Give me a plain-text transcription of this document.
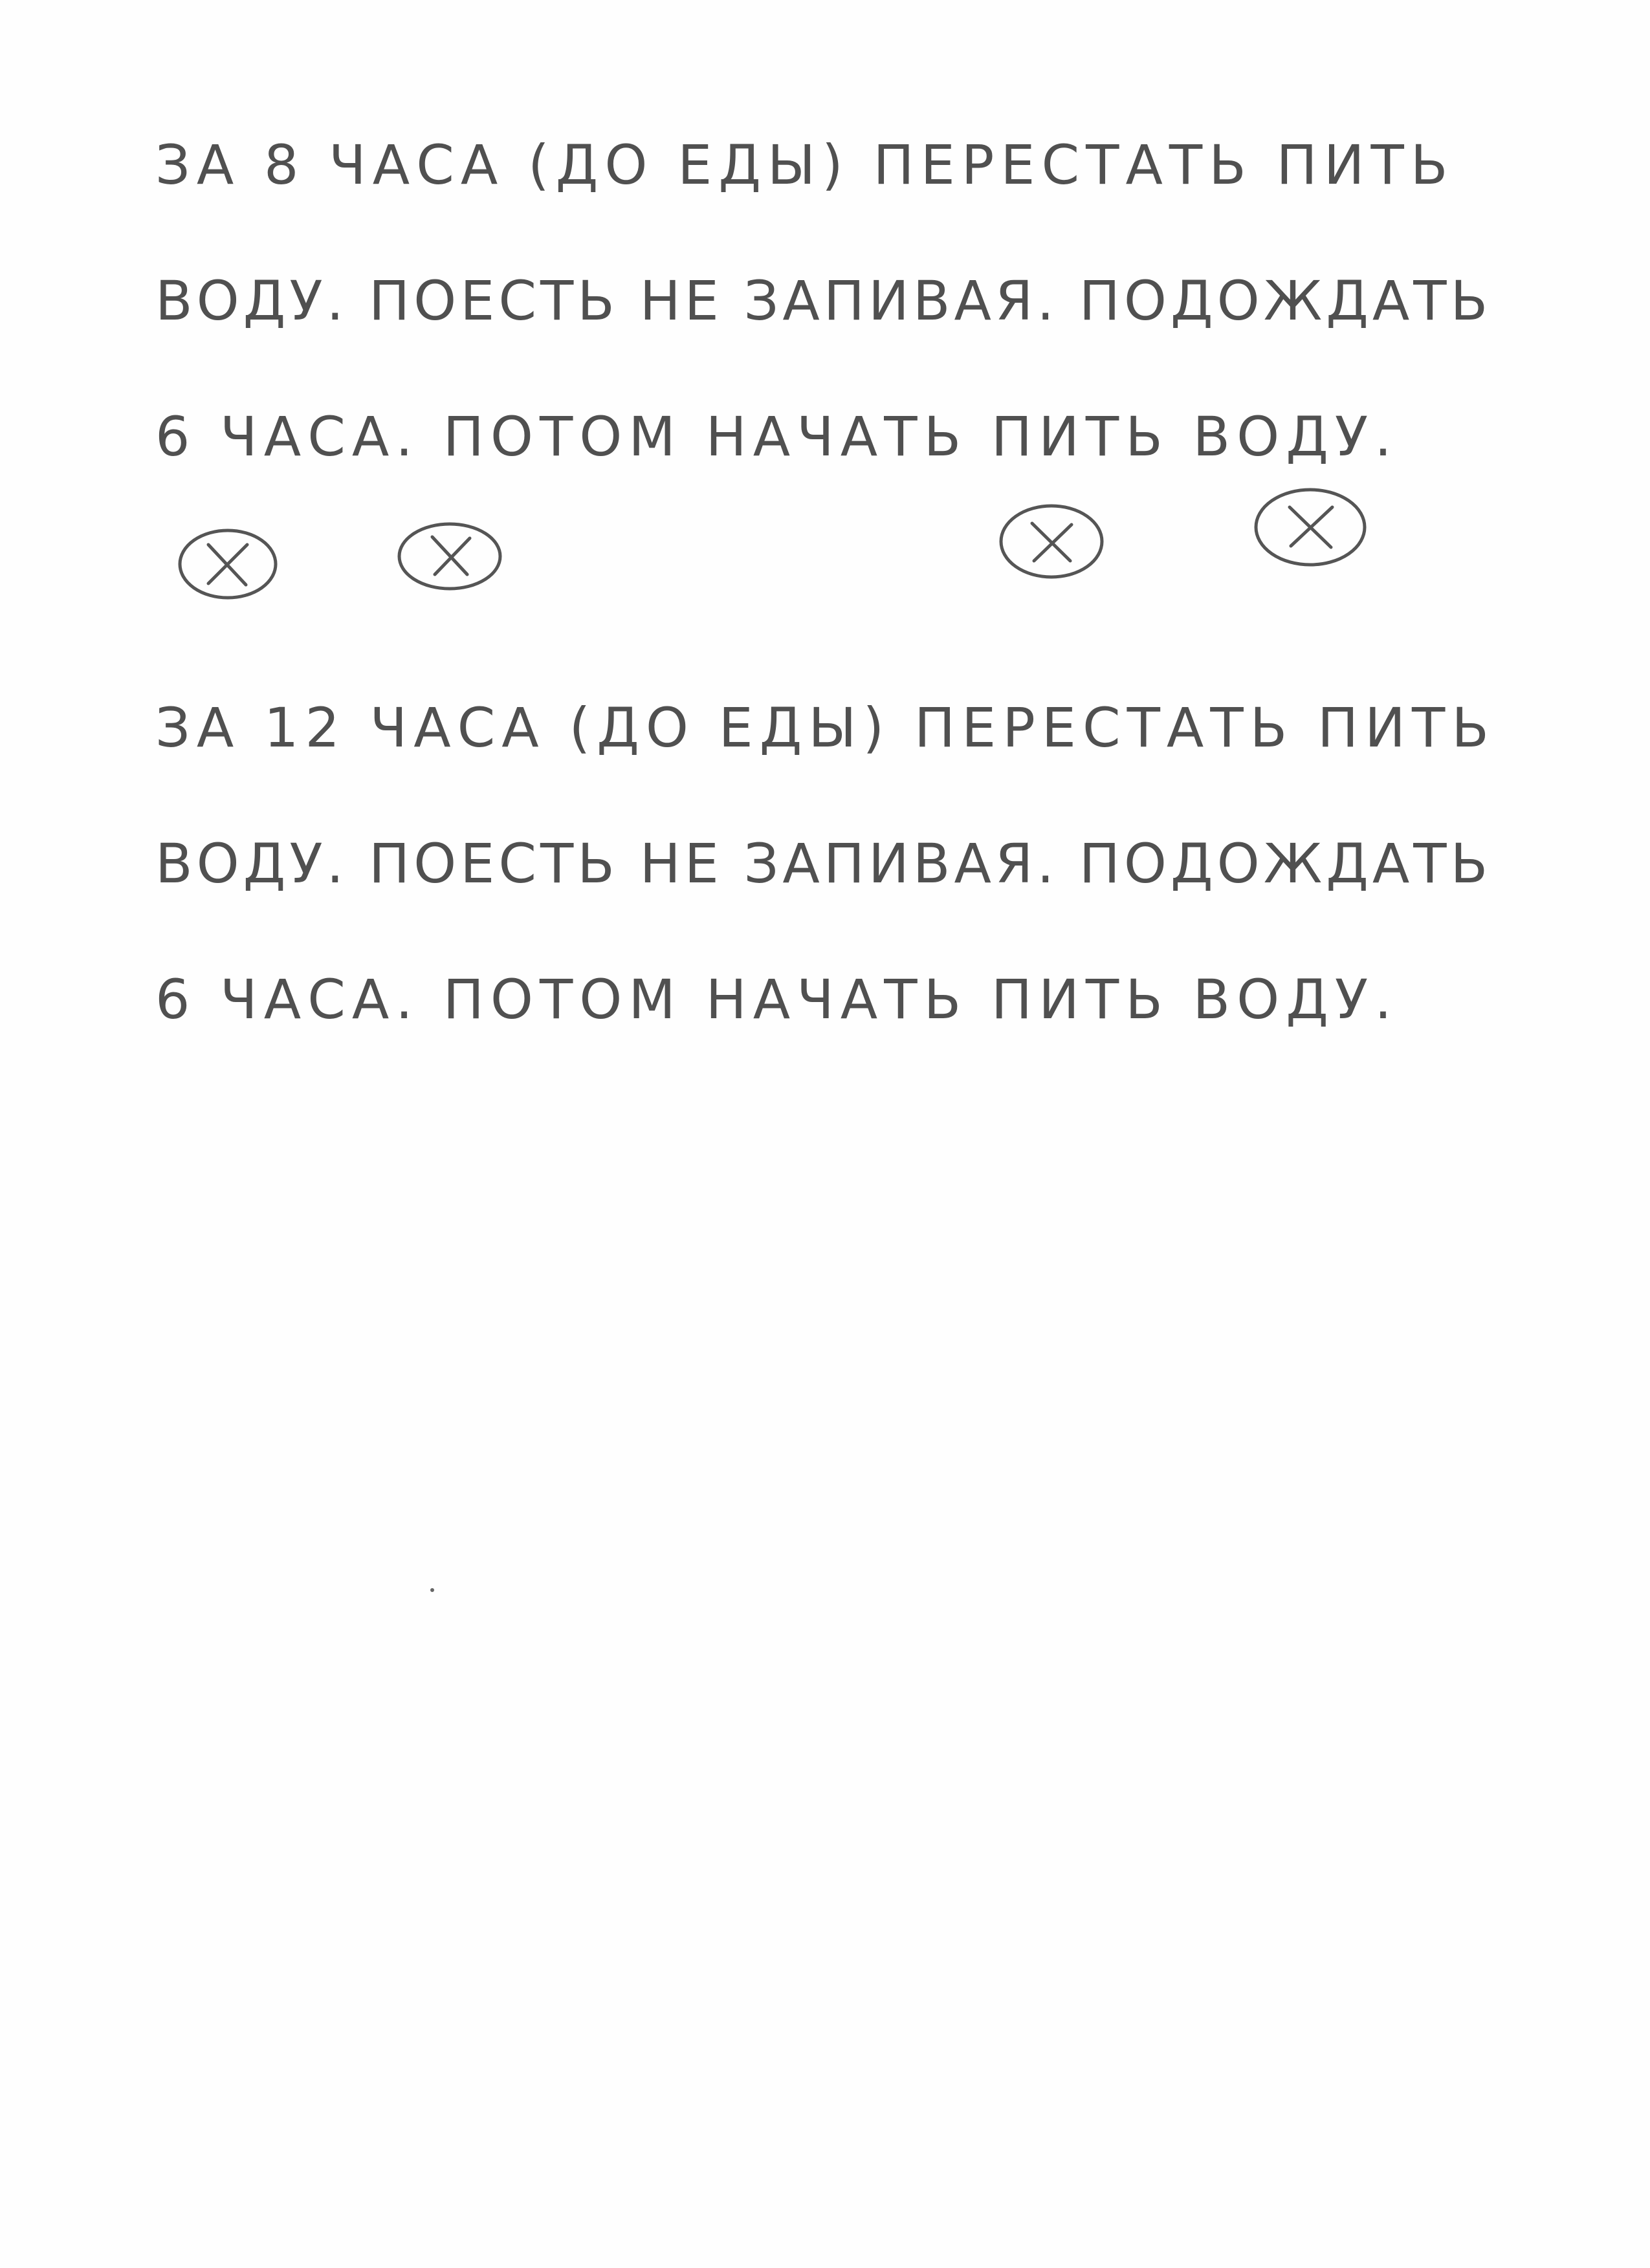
ЗА 8 ЧАСА (ДО ЕДЫ) ПЕРЕСТАТЬ ПИТЬ
ВОДУ. ПОЕСТЬ НЕ ЗАПИВАЯ. ПОДОЖДАТЬ
6 ЧАСА. ПОТОМ НАЧАТЬ ПИТЬ ВОДУ.
ЗА 12 ЧАСА (ДО ЕДЫ) ПЕРЕСТАТЬ ПИТЬ
ВОДУ. ПОЕСТЬ НЕ ЗАПИВАЯ. ПОДОЖДАТЬ
6 ЧАСА. ПОТОМ НАЧАТЬ ПИТЬ ВОДУ.
